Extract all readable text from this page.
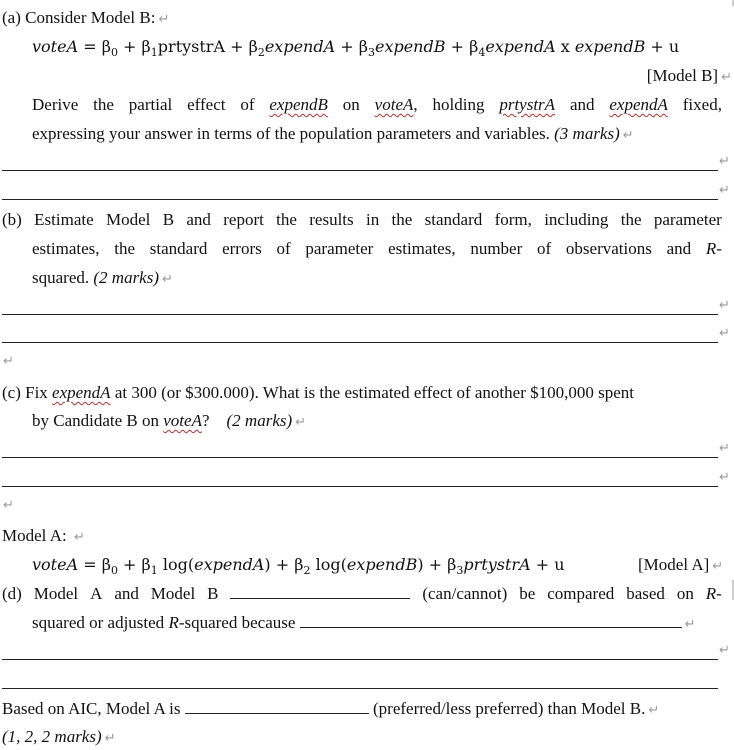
(a) Consider Model B: ↵
voteA = $\beta_0$ + $\beta_1prtystrA$ + $\beta_2expendA$ + $\beta_3expendB$ + $\beta_4expendA$ x expendB + u
[Model B] ↵
Derive the partial effect of expendB on voteA, holding prtystrA and expendA fixed,
expressing your answer in terms of the population parameters and variables. (3 marks) ↵
↵
↵
(b) Estimate Model B and report the results in the standard form, including the parameter
estimates, the standard errors of parameter estimates, number of observations and R-
squared. (2 marks) ↵
↵
↵
↵
(c) Fix expendA at 300 (or $300.000). What is the estimated effect of another $100,000 spent
by Candidate B on voteA? (2 marks) ↵
↵
↵
↵
Model A: ↵
voteA = $\beta_0 + \beta_1$ log(expendA) + $\beta_2$ log(expendB) + $\beta_3prtystrA + u$	[Model A] ↵
(d) Model A and Model B	(can/cannot) be compared based on R-
squared or adjusted R-squared because	↵
↵
Based on AIC, Model A is	(preferred/less preferred) than Model B. ↵
(1, 2, 2 marks) ↵
